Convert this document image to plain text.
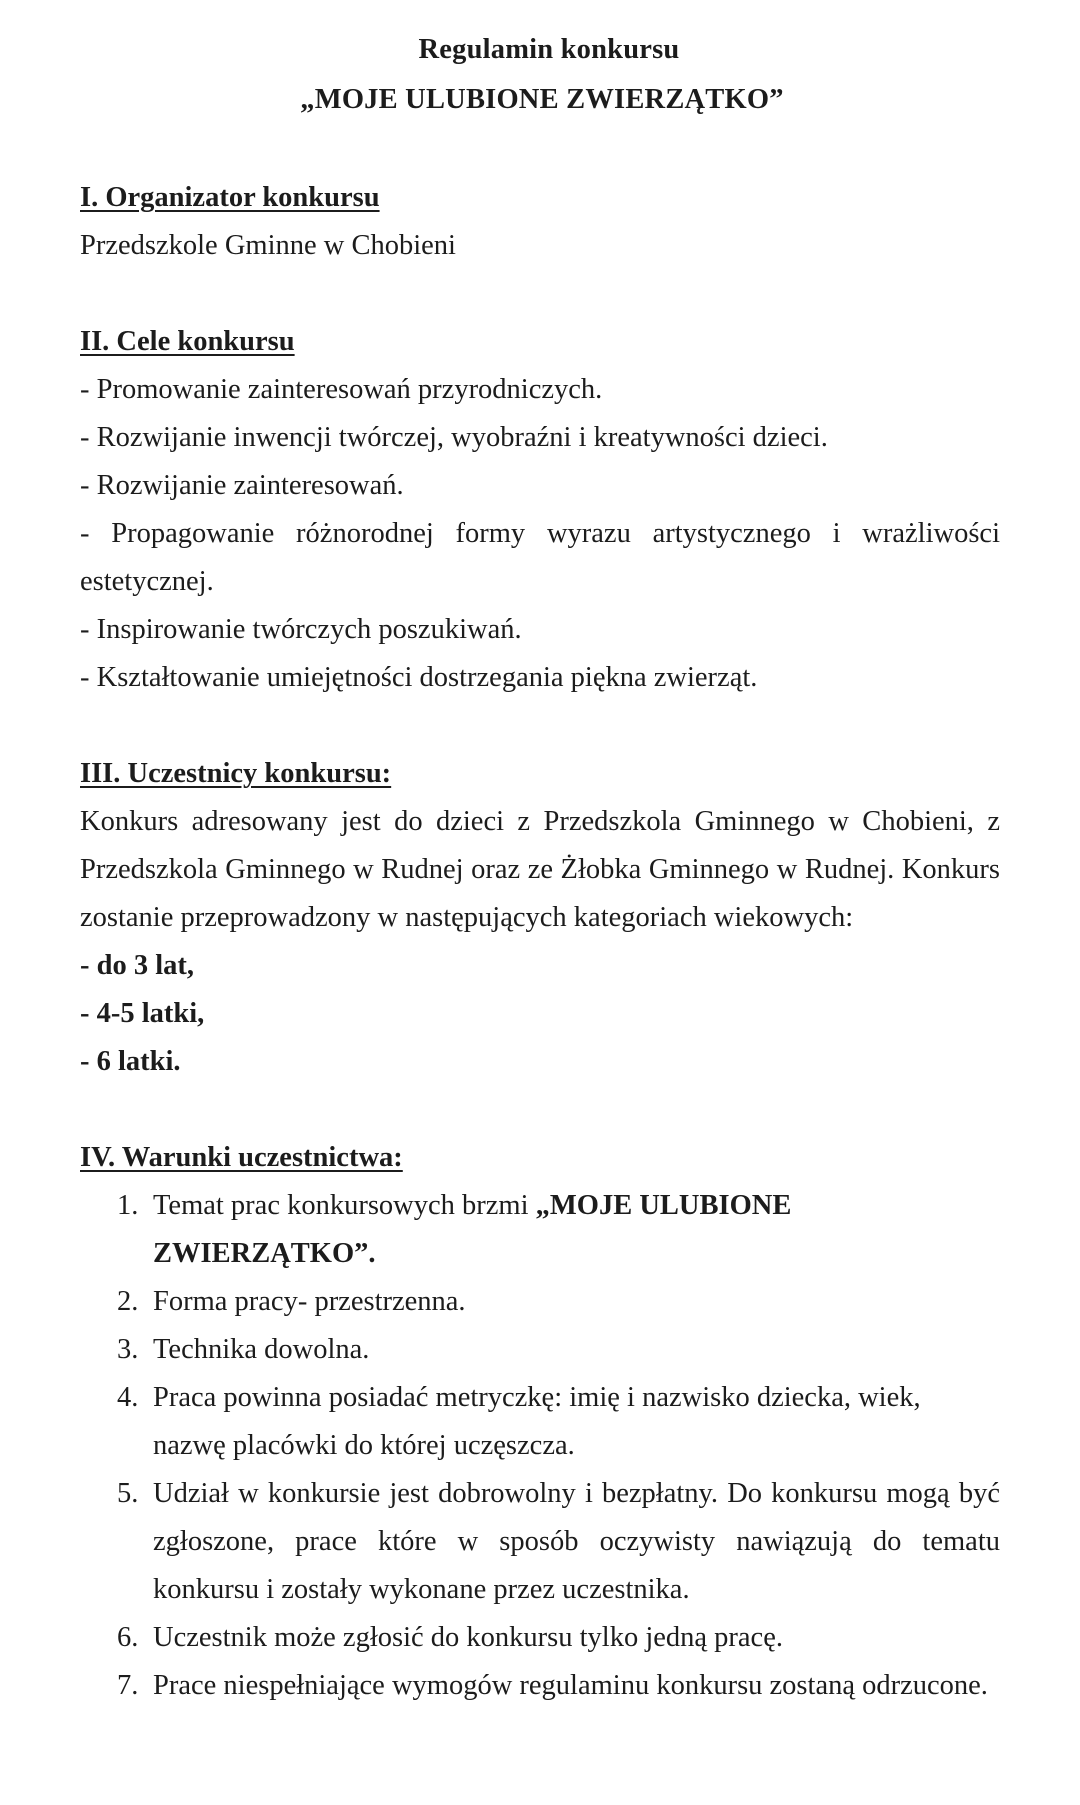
Regulamin konkursu

„MOJE ULUBIONE ZWIERZĄTKO”

I. Organizator konkursu

Przedszkole Gminne w Chobieni

II. Cele konkursu

- Promowanie zainteresowań przyrodniczych.

- Rozwijanie inwencji twórczej, wyobraźni i kreatywności dzieci.

- Rozwijanie zainteresowań.

- Propagowanie różnorodnej formy wyrazu artystycznego i wrażliwości estetycznej.

- Inspirowanie twórczych poszukiwań.

- Kształtowanie umiejętności dostrzegania piękna zwierząt.

III. Uczestnicy konkursu:

Konkurs adresowany jest do dzieci z Przedszkola Gminnego w Chobieni, z Przedszkola Gminnego w Rudnej oraz ze Żłobka Gminnego w Rudnej. Konkurs zostanie przeprowadzony w następujących kategoriach wiekowych:

- do 3 lat,

- 4-5 latki,

- 6 latki.

IV. Warunki uczestnictwa:

1. Temat prac konkursowych brzmi „MOJE ULUBIONE ZWIERZĄTKO”.
2. Forma pracy- przestrzenna.
3. Technika dowolna.
4. Praca powinna posiadać metryczkę: imię i nazwisko dziecka, wiek, nazwę placówki do której uczęszcza.
5. Udział w konkursie jest dobrowolny i bezpłatny. Do konkursu mogą być zgłoszone, prace które w sposób oczywisty nawiązują do tematu konkursu i zostały wykonane przez uczestnika.
6. Uczestnik może zgłosić do konkursu tylko jedną pracę.
7. Prace niespełniające wymogów regulaminu konkursu zostaną odrzucone.
